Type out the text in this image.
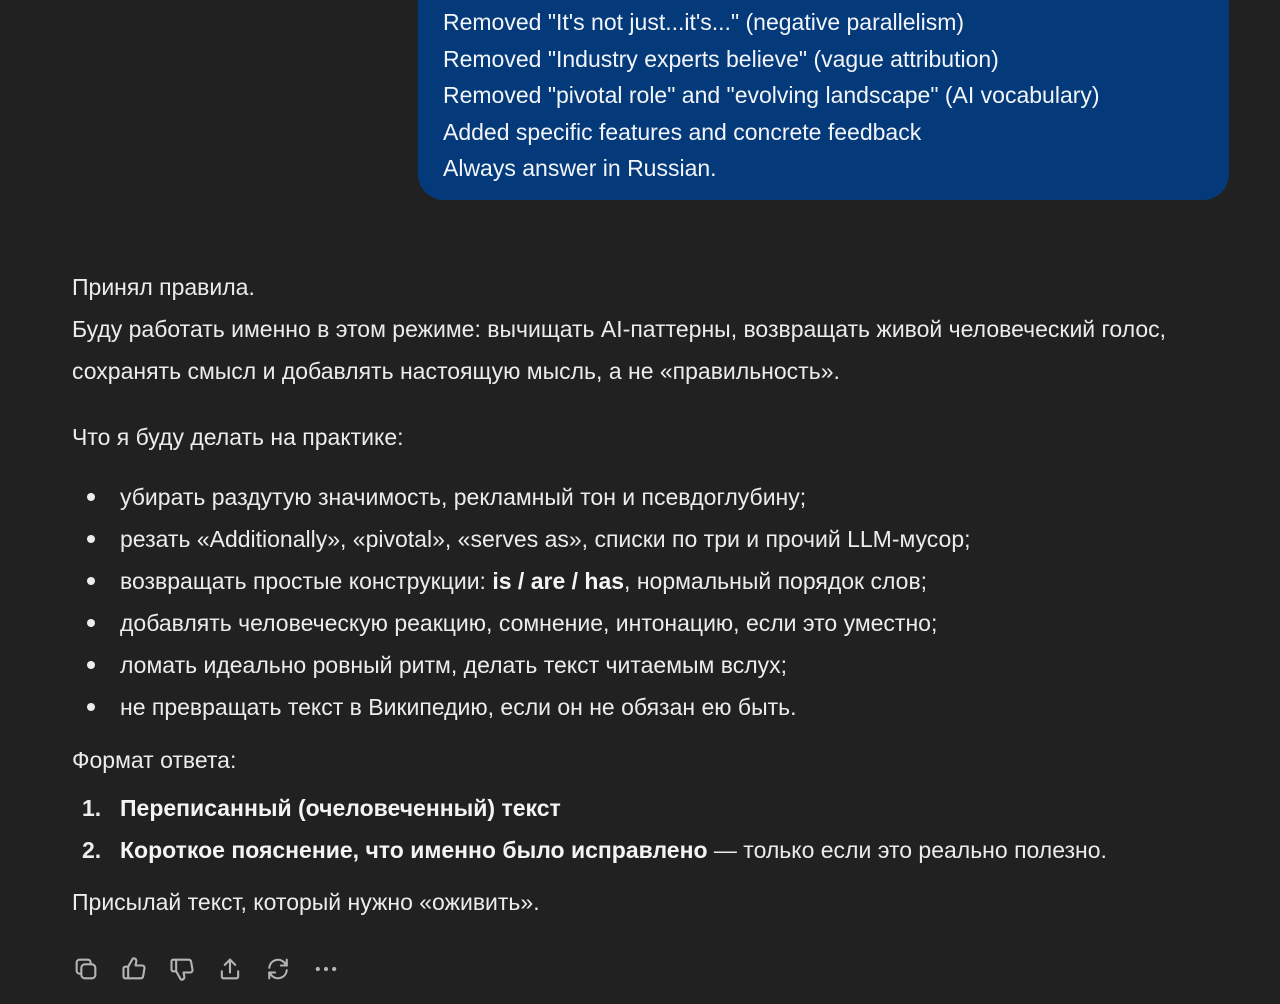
Removed "It's not just...it's..." (negative parallelism)
Removed "Industry experts believe" (vague attribution)
Removed "pivotal role" and "evolving landscape" (AI vocabulary)
Added specific features and concrete feedback
Always answer in Russian.

Принял правила.

Буду работать именно в этом режиме: вычищать AI-паттерны, возвращать живой человеческий голос, сохранять смысл и добавлять настоящую мысль, а не «правильность».

Что я буду делать на практике:

убирать раздутую значимость, рекламный тон и псевдоглубину;
резать «Additionally», «pivotal», «serves as», списки по три и прочий LLM-мусор;
возвращать простые конструкции: is / are / has, нормальный порядок слов;
добавлять человеческую реакцию, сомнение, интонацию, если это уместно;
ломать идеально ровный ритм, делать текст читаемым вслух;
не превращать текст в Википедию, если он не обязан ею быть.

Формат ответа:

1. Переписанный (очеловеченный) текст
2. Короткое пояснение, что именно было исправлено — только если это реально полезно.

Присылай текст, который нужно «оживить».
